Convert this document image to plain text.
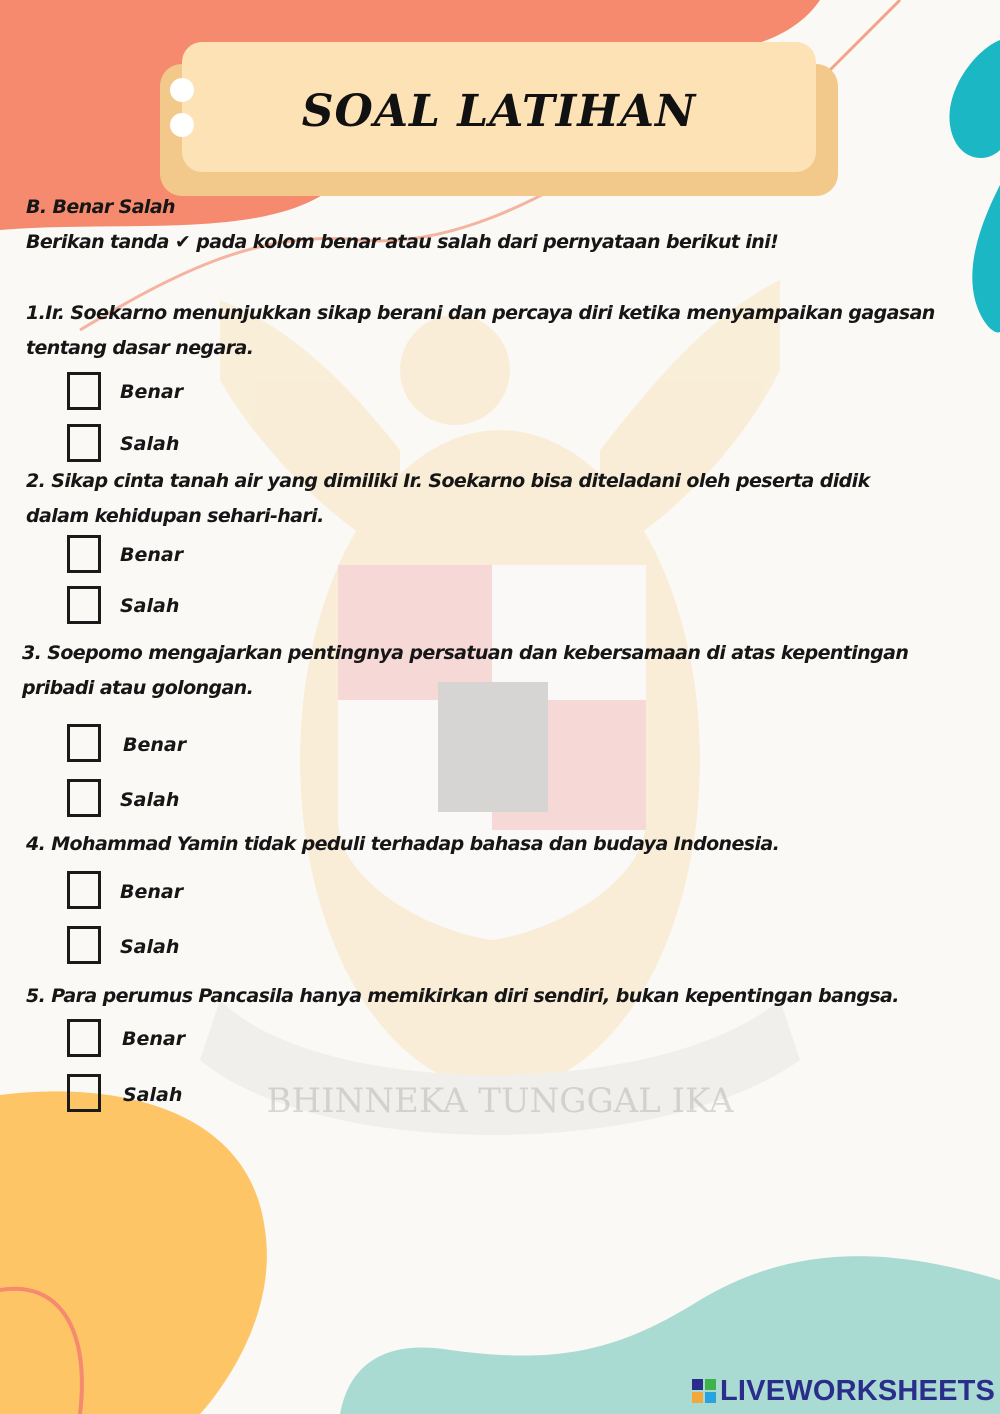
BHINNEKA TUNGGAL IKA
SOAL LATIHAN
B. Benar Salah
Berikan tanda ✔ pada kolom benar atau salah dari pernyataan berikut ini!
1.Ir. Soekarno menunjukkan sikap berani dan percaya diri ketika menyampaikan gagasan tentang dasar negara.
Benar
Salah
2. Sikap cinta tanah air yang dimiliki Ir. Soekarno bisa diteladani oleh peserta didik dalam kehidupan sehari-hari.
Benar
Salah
3. Soepomo mengajarkan pentingnya persatuan dan kebersamaan di atas kepentingan pribadi atau golongan.
Benar
Salah
4. Mohammad Yamin tidak peduli terhadap bahasa dan budaya Indonesia.
Benar
Salah
5. Para perumus Pancasila hanya memikirkan diri sendiri, bukan kepentingan bangsa.
Benar
Salah
LIVEWORKSHEETS
